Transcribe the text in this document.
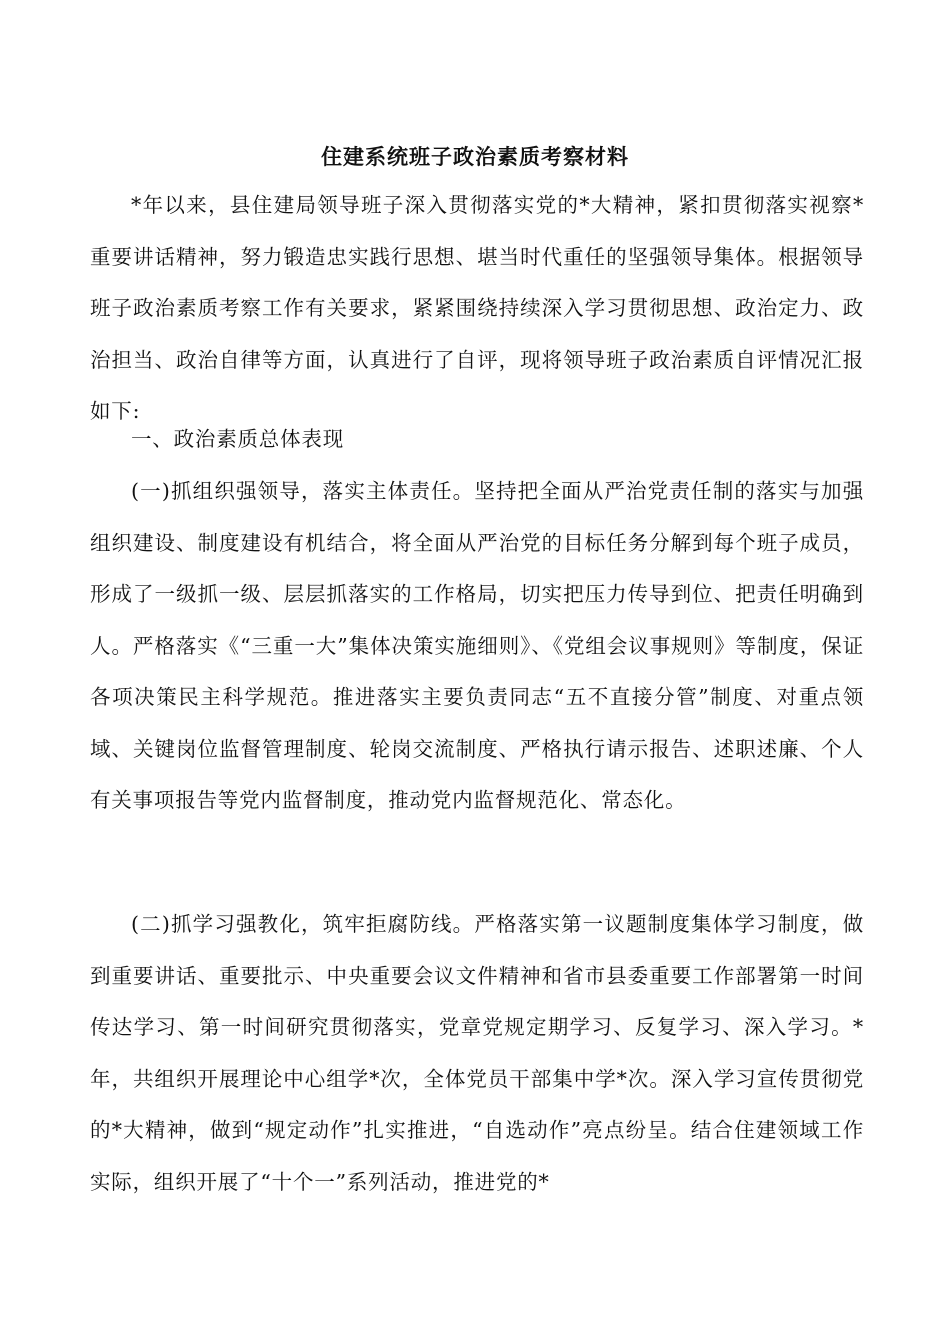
住建系统班子政治素质考察材料

*年以来，县住建局领导班子深入贯彻落实党的*大精神，紧扣贯彻落实视察*重要讲话精神，努力锻造忠实践行思想、堪当时代重任的坚强领导集体。根据领导班子政治素质考察工作有关要求，紧紧围绕持续深入学习贯彻思想、政治定力、政治担当、政治自律等方面，认真进行了自评，现将领导班子政治素质自评情况汇报如下:

一、政治素质总体表现

(一)抓组织强领导，落实主体责任。坚持把全面从严治党责任制的落实与加强组织建设、制度建设有机结合，将全面从严治党的目标任务分解到每个班子成员，形成了一级抓一级、层层抓落实的工作格局，切实把压力传导到位、把责任明确到人。严格落实《“三重一大”集体决策实施细则》、《党组会议事规则》等制度，保证各项决策民主科学规范。推进落实主要负责同志“五不直接分管”制度、对重点领域、关键岗位监督管理制度、轮岗交流制度、严格执行请示报告、述职述廉、个人有关事项报告等党内监督制度，推动党内监督规范化、常态化。

(二)抓学习强教化，筑牢拒腐防线。严格落实第一议题制度集体学习制度，做到重要讲话、重要批示、中央重要会议文件精神和省市县委重要工作部署第一时间传达学习、第一时间研究贯彻落实，党章党规定期学习、反复学习、深入学习。*年，共组织开展理论中心组学*次，全体党员干部集中学*次。深入学习宣传贯彻党的*大精神，做到“规定动作”扎实推进，“自选动作”亮点纷呈。结合住建领域工作实际，组织开展了“十个一”系列活动，推进党的*
